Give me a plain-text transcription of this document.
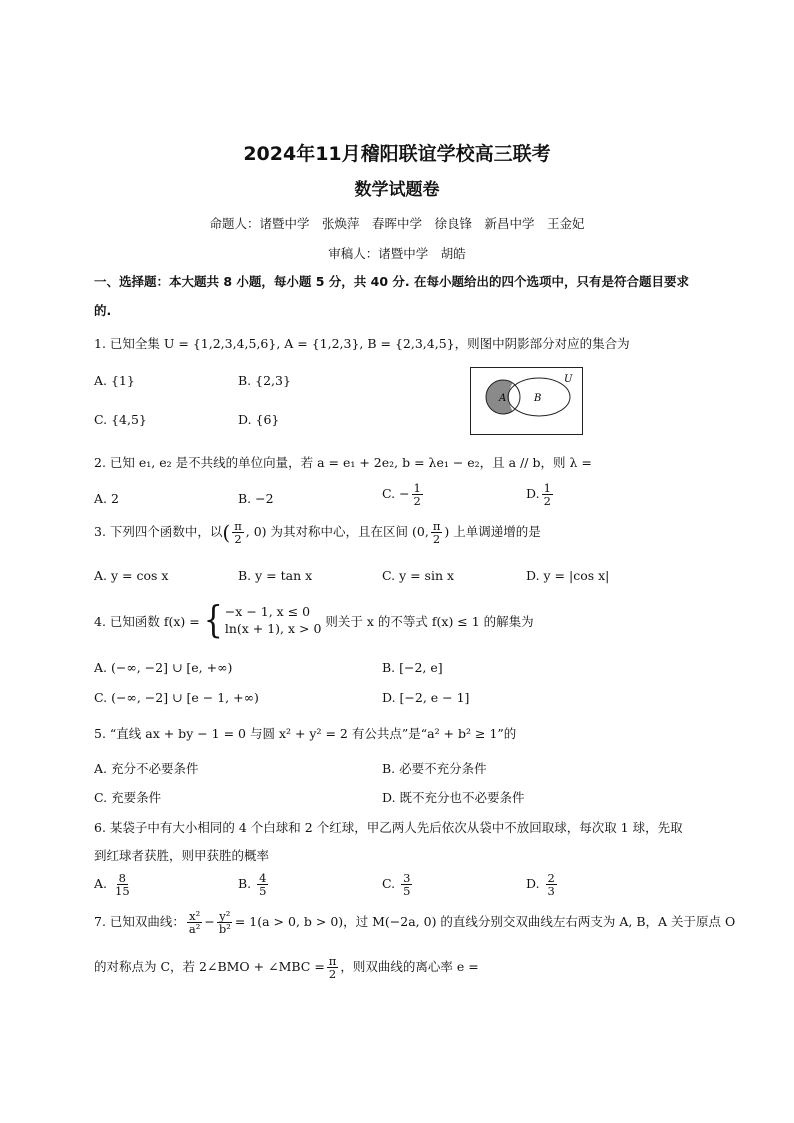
2024年11月稽阳联谊学校高三联考
数学试题卷
命题人：诸暨中学　张焕萍　春晖中学　徐良锋　新昌中学　王金妃
审稿人：诸暨中学　胡皓
一、选择题：本大题共 8 小题，每小题 5 分，共 40 分. 在每小题给出的四个选项中，只有是符合题目要求
的.
1. 已知全集 U = {1,2,3,4,5,6}, A = {1,2,3}, B = {2,3,4,5}，则图中阴影部分对应的集合为
A. {1}	B. {2,3}
C. {4,5}	D. {6}
U
A	B
2. 已知 e₁, e₂ 是不共线的单位向量，若 a = e₁ + 2e₂, b = λe₁ − e₂，且 a // b，则 λ =
A. 2	B. −2	C. − $\frac{1}{2}$	D. $\frac{1}{2}$
3. 下列四个函数中，以( $\frac{\pi}{2}$ , 0) 为其对称中心，且在区间 (0, $\frac{\pi}{2}$ ) 上单调递增的是
A. y = cos x	B. y = tan x	C. y = sin x	D. y = |cos x|
4. 已知函数 f(x) = { −x − 1, x ≤ 0
ln(x + 1), x > 0 则关于 x 的不等式 f(x) ≤ 1 的解集为
A. (−∞, −2] ∪ [e, +∞)	B. [−2, e]
C. (−∞, −2] ∪ [e − 1, +∞)	D. [−2, e − 1]
5. “直线 ax + by − 1 = 0 与圆 x² + y² = 2 有公共点”是“a² + b² ≥ 1”的
A. 充分不必要条件	B. 必要不充分条件
C. 充要条件	D. 既不充分也不必要条件
6. 某袋子中有大小相同的 4 个白球和 2 个红球，甲乙两人先后依次从袋中不放回取球，每次取 1 球，先取
到红球者获胜，则甲获胜的概率
A. $\frac{8}{15}$	B. $\frac{4}{5}$	C. $\frac{3}{5}$	D. $\frac{2}{3}$
7. 已知双曲线： $\frac{\text{x²}}{\text{a²}} - \frac{\text{y²}}{\text{b²}} = 1(a > 0$, b > 0)，过 M(−2a, 0) 的直线分别交双曲线左右两支为 A, B，A 关于原点 O
的对称点为 C，若 2∠BMO + ∠MBC = $\frac{\pi}{2}$ ，则双曲线的离心率 e =
